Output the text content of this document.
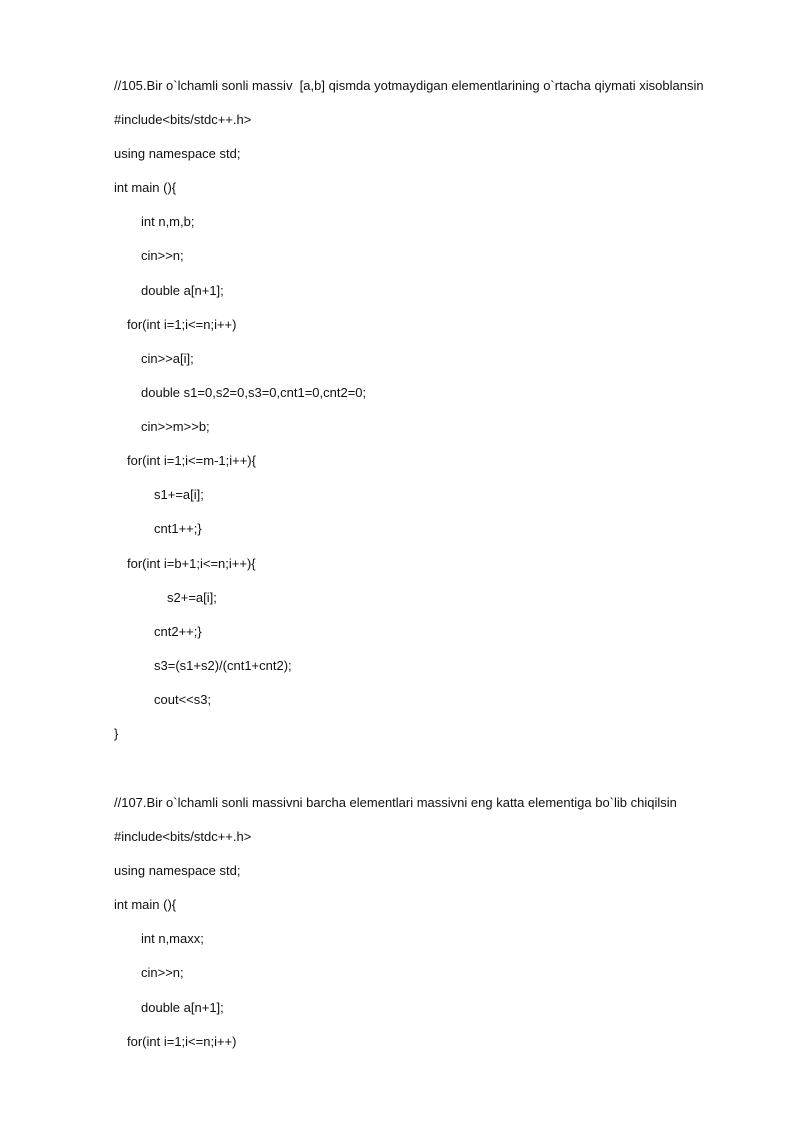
//105.Bir o`lchamli sonli massiv  [a,b] qismda yotmaydigan elementlarining o`rtacha qiymati xisoblansin
#include<bits/stdc++.h>
using namespace std;
int main (){
int n,m,b;
cin>>n;
double a[n+1];
for(int i=1;i<=n;i++)
cin>>a[i];
double s1=0,s2=0,s3=0,cnt1=0,cnt2=0;
cin>>m>>b;
for(int i=1;i<=m-1;i++){
s1+=a[i];
cnt1++;}
for(int i=b+1;i<=n;i++){
s2+=a[i];
cnt2++;}
s3=(s1+s2)/(cnt1+cnt2);
cout<<s3;
}
//107.Bir o`lchamli sonli massivni barcha elementlari massivni eng katta elementiga bo`lib chiqilsin
#include<bits/stdc++.h>
using namespace std;
int main (){
int n,maxx;
cin>>n;
double a[n+1];
for(int i=1;i<=n;i++)
